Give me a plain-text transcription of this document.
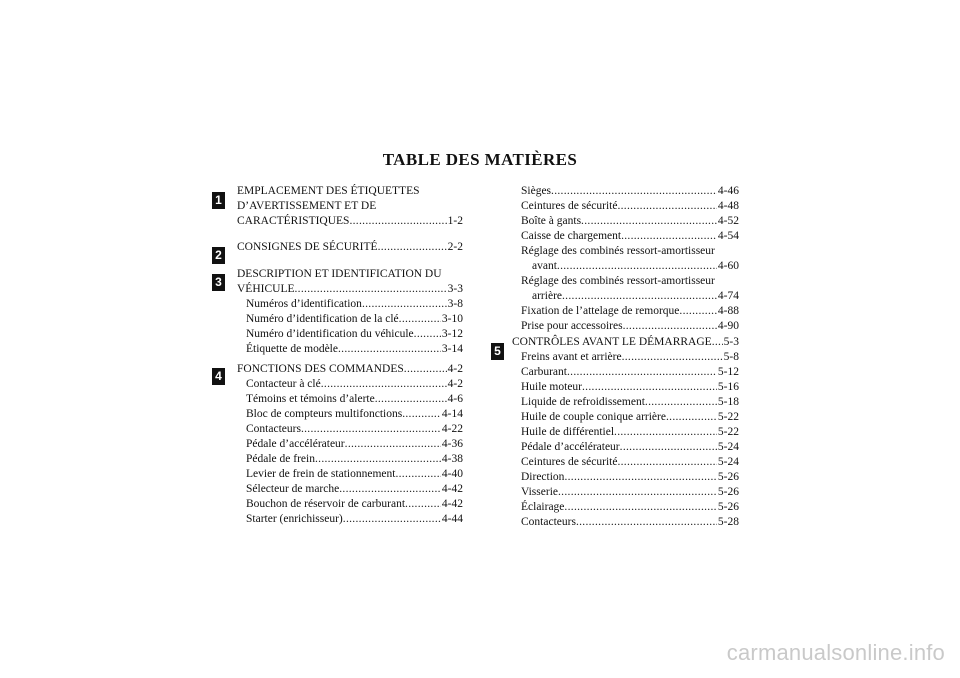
TABLE DES MATIÈRES
1
2
3
4
5
EMPLACEMENT DES ÉTIQUETTES
D’AVERTISSEMENT ET DE
CARACTÉRISTIQUES .....	1-2
CONSIGNES DE SÉCURITÉ .....	2-2
DESCRIPTION ET IDENTIFICATION DU
VÉHICULE .....	3-3
Numéros d’identification .....	3-8
Numéro d’identification de la clé .....	3-10
Numéro d’identification du véhicule ..... 3-12
Étiquette de modèle .....	3-14
FONCTIONS DES COMMANDES .....	4-2
Contacteur à clé .....	4-2
Témoins et témoins d’alerte .....	4-6
Bloc de compteurs multifonctions .....	4-14
Contacteurs .....	4-22
Pédale d’accélérateur .....	4-36
Pédale de frein .....	4-38
Levier de frein de stationnement .....	4-40
Sélecteur de marche .....	4-42
Bouchon de réservoir de carburant .....	4-42
Starter (enrichisseur) .....	4-44
Sièges .....	4-46
Ceintures de sécurité .....	4-48
Boîte à gants .....	4-52
Caisse de chargement .....	4-54
Réglage des combinés ressort-amortisseur
avant .....	4-60
Réglage des combinés ressort-amortisseur
arrière .....	4-74
Fixation de l’attelage de remorque .....	4-88
Prise pour accessoires .....	4-90
CONTRÔLES AVANT LE DÉMARRAGE ..... 5-3
Freins avant et arrière .....	5-8
Carburant .....	5-12
Huile moteur .....	5-16
Liquide de refroidissement .....	5-18
Huile de couple conique arrière .....	5-22
Huile de différentiel .....	5-22
Pédale d’accélérateur .....	5-24
Ceintures de sécurité .....	5-24
Direction .....	5-26
Visserie .....	5-26
Éclairage .....	5-26
Contacteurs .....	5-28
carmanualsonline.info
